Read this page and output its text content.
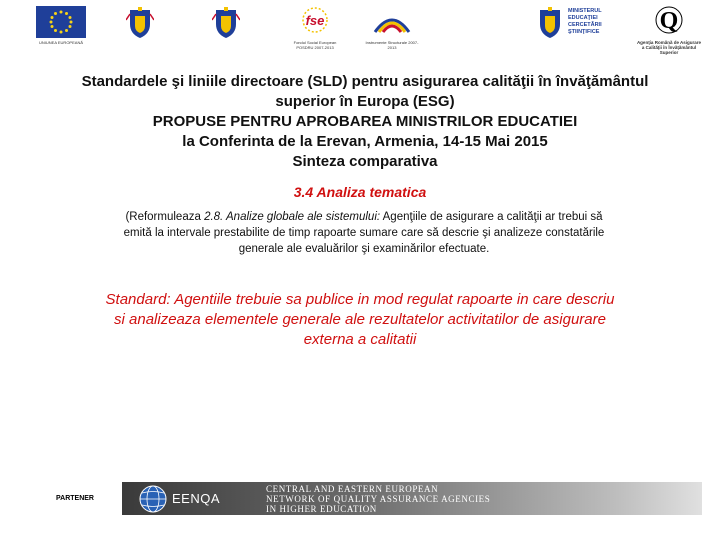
UNIUNEA EUROPEANĂ
fse
Fondul Social European POSDRU 2007-2013
Instrumente Structurale 2007-2013
MINISTERUL EDUCAŢIEI CERCETĂRII ŞTIINŢIFICE	Q
Agenţia Română de Asigurare a Calităţii în Învăţământul Superior
Standardele şi liniile directoare (SLD) pentru asigurarea calităţii în învăţământul
superior în Europa (ESG)
PROPUSE PENTRU APROBAREA MINISTRILOR EDUCATIEI
la Conferinta de la Erevan, Armenia, 14-15 Mai 2015
Sinteza comparativa
3.4 Analiza tematica
(Reformuleaza 2.8. Analize globale ale sistemului: Agenţiile de asigurare a calităţii ar trebui să emită la intervale prestabilite de timp rapoarte sumare care să descrie şi analizeze constatările generale ale evaluărilor şi examinărilor efectuate.
Standard: Agentiile trebuie sa publice in mod regulat rapoarte in care descriu si analizeaza elementele generale ale rezultatelor activitatilor de asigurare externa a calitatii
PARTENER	EENQA
CENTRAL AND EASTERN EUROPEAN
NETWORK OF QUALITY ASSURANCE AGENCIES
IN HIGHER EDUCATION
